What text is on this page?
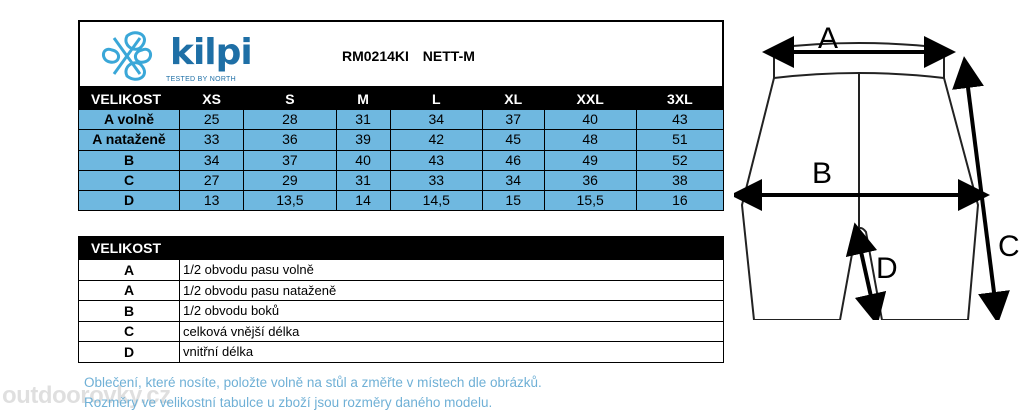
kilpi
TESTED BY NORTH
RM0214KI NETT-M
VELIKOST	XS	S	M	L	XL	XXL	3XL
A volně	25	28	31	34	37	40	43
A nataženě	33	36	39	42	45	48	51
B	34	37	40	43	46	49	52
C	27	29	31	33	34	36	38
D	13	13,5	14	14,5	15	15,5	16
VELIKOST	
A	1/2 obvodu pasu volně
A	1/2 obvodu pasu nataženě
B	1/2 obvodu boků
C	celková vnější délka
D	vnitřní délka
A
B
C
D
outdoorovky.cz
Oblečení, které nosíte, položte volně na stůl a změřte v místech dle obrázků.
Rozměry ve velikostní tabulce u zboží jsou rozměry daného modelu.
